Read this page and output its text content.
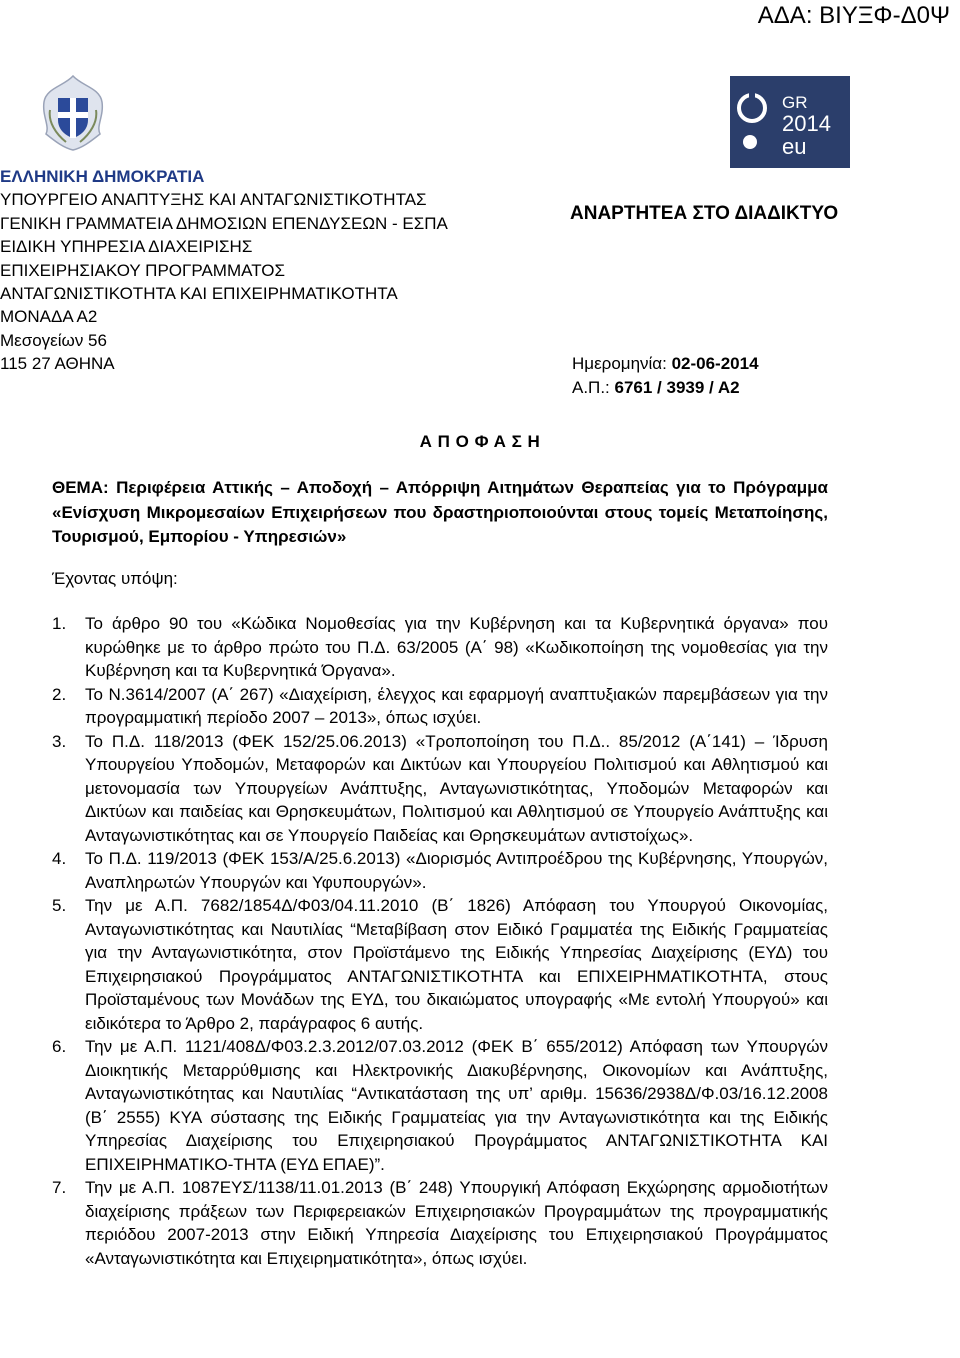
ΑΔΑ: ΒΙΥΞΦ-Δ0Ψ
GR
2014
eu
ΕΛΛΗΝΙΚΗ ΔΗΜΟΚΡΑΤΙΑ
ΥΠΟΥΡΓΕΙΟ ΑΝΑΠΤΥΞΗΣ ΚΑΙ ΑΝΤΑΓΩΝΙΣΤΙΚΟΤΗΤΑΣ
ΓΕΝΙΚΗ ΓΡΑΜΜΑΤΕΙΑ ΔΗΜΟΣΙΩΝ ΕΠΕΝΔΥΣΕΩΝ - ΕΣΠΑ
ΕΙΔΙΚΗ ΥΠΗΡΕΣΙΑ ΔΙΑΧΕΙΡΙΣΗΣ
ΕΠΙΧΕΙΡΗΣΙΑΚΟΥ ΠΡΟΓΡΑΜΜΑΤΟΣ
ΑΝΤΑΓΩΝΙΣΤΙΚΟΤΗΤΑ ΚΑΙ ΕΠΙΧΕΙΡΗΜΑΤΙΚΟΤΗΤΑ
ΜΟΝΑΔΑ Α2
Μεσογείων 56
115 27 ΑΘΗΝΑ
ΑΝΑΡΤΗΤΕΑ ΣΤΟ ΔΙΑΔΙΚΤΥΟ
Ημερομηνία: 02-06-2014
Α.Π.: 6761 / 3939 / Α2
Α Π Ο Φ Α Σ Η
ΘΕΜΑ: Περιφέρεια Αττικής – Αποδοχή – Απόρριψη Αιτημάτων Θεραπείας για το Πρόγραμμα «Ενίσχυση Μικρομεσαίων Επιχειρήσεων που δραστηριοποιούνται στους τομείς Μεταποίησης, Τουρισμού, Εμπορίου - Υπηρεσιών»
Έχοντας υπόψη:
1.	Το άρθρο 90 του «Κώδικα Νομοθεσίας για την Κυβέρνηση και τα Κυβερνητικά όργανα» που κυρώθηκε με το άρθρο πρώτο του Π.Δ. 63/2005 (Α΄ 98) «Κωδικοποίηση της νομοθεσίας για την Κυβέρνηση και τα Κυβερνητικά Όργανα».
2.	Το Ν.3614/2007 (Α΄ 267) «Διαχείριση, έλεγχος και εφαρμογή αναπτυξιακών παρεμβάσεων για την προγραμματική περίοδο 2007 – 2013», όπως ισχύει.
3.	Το Π.Δ. 118/2013 (ΦΕΚ 152/25.06.2013) «Τροποποίηση του Π.Δ.. 85/2012 (Α΄141) – Ίδρυση Υπουργείου Υποδομών, Μεταφορών και Δικτύων και Υπουργείου Πολιτισμού και Αθλητισμού και μετονομασία των Υπουργείων Ανάπτυξης, Ανταγωνιστικότητας, Υποδομών Μεταφορών και Δικτύων και παιδείας και Θρησκευμάτων, Πολιτισμού και Αθλητισμού σε Υπουργείο Ανάπτυξης και Ανταγωνιστικότητας και σε Υπουργείο Παιδείας και Θρησκευμάτων αντιστοίχως».
4.	Το Π.Δ. 119/2013 (ΦΕΚ 153/Α/25.6.2013) «Διορισμός Αντιπροέδρου της Κυβέρνησης, Υπουργών, Αναπληρωτών Υπουργών και Υφυπουργών».
5.	Την με Α.Π. 7682/1854Δ/Φ03/04.11.2010 (Β΄ 1826) Απόφαση του Υπουργού Οικονομίας, Ανταγωνιστικότητας και Ναυτιλίας “Μεταβίβαση στον Ειδικό Γραμματέα της Ειδικής Γραμματείας για την Ανταγωνιστικότητα, στον Προϊστάμενο της Ειδικής Υπηρεσίας Διαχείρισης (ΕΥΔ) του Επιχειρησιακού Προγράμματος ΑΝΤΑΓΩΝΙΣΤΙΚΟΤΗΤΑ και ΕΠΙΧΕΙΡΗΜΑΤΙΚΟΤΗΤΑ, στους Προϊσταμένους των Μονάδων της ΕΥΔ, του δικαιώματος υπογραφής «Με εντολή Υπουργού» και ειδικότερα το Άρθρο 2, παράγραφος 6 αυτής.
6.	Την με Α.Π. 1121/408Δ/Φ03.2.3.2012/07.03.2012 (ΦΕΚ Β΄ 655/2012) Απόφαση των Υπουργών Διοικητικής Μεταρρύθμισης και Ηλεκτρονικής Διακυβέρνησης, Οικονομίων και Ανάπτυξης, Ανταγωνιστικότητας και Ναυτιλίας “Αντικατάσταση της υπ’ αριθμ. 15636/2938Δ/Φ.03/16.12.2008 (Β΄ 2555) ΚΥΑ σύστασης της Ειδικής Γραμματείας για την Ανταγωνιστικότητα και της Ειδικής Υπηρεσίας Διαχείρισης του Επιχειρησιακού Προγράμματος ΑΝΤΑΓΩΝΙΣΤΙΚΟΤΗΤΑ ΚΑΙ ΕΠΙΧΕΙΡΗΜΑΤΙΚΟ-ΤΗΤΑ (ΕΥΔ ΕΠΑΕ)”.
7.	Την με Α.Π. 1087ΕΥΣ/1138/11.01.2013 (Β΄ 248) Υπουργική Απόφαση Εκχώρησης αρμοδιοτήτων διαχείρισης πράξεων των Περιφερειακών Επιχειρησιακών Προγραμμάτων της προγραμματικής περιόδου 2007-2013 στην Ειδική Υπηρεσία Διαχείρισης του Επιχειρησιακού Προγράμματος «Ανταγωνιστικότητα και Επιχειρηματικότητα», όπως ισχύει.
